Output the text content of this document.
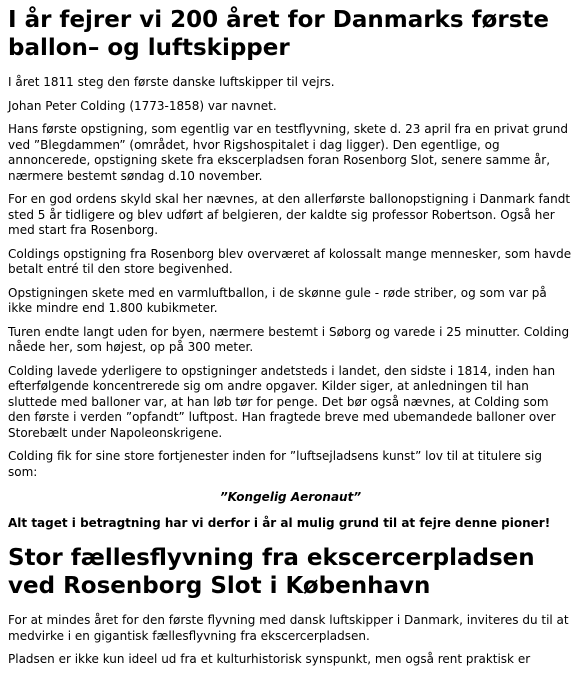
I år fejrer vi 200 året for Danmarks første ballon– og luftskipper

I året 1811 steg den første danske luftskipper til vejrs.

Johan Peter Colding (1773-1858) var navnet.

Hans første opstigning, som egentlig var en testflyvning, skete d. 23 april fra en privat grund ved ”Blegdammen” (området, hvor Rigshospitalet i dag ligger). Den egentlige, og annoncerede, opstigning skete fra ekscerpladsen foran Rosenborg Slot, senere samme år, nærmere bestemt søndag d.10 november.

For en god ordens skyld skal her nævnes, at den allerførste ballonopstigning i Danmark fandt sted 5 år tidligere og blev udført af belgieren, der kaldte sig professor Robertson. Også her med start fra Rosenborg.

Coldings opstigning fra Rosenborg blev overværet af kolossalt mange mennesker, som havde betalt entré til den store begivenhed.

Opstigningen skete med en varmluftballon, i de skønne gule - røde striber, og som var på ikke mindre end 1.800 kubikmeter.

Turen endte langt uden for byen, nærmere bestemt i Søborg og varede i 25 minutter. Colding nåede her, som højest, op på 300 meter.

Colding lavede yderligere to opstigninger andetsteds i landet, den sidste i 1814, inden han efterfølgende koncentrerede sig om andre opgaver. Kilder siger, at anledningen til han sluttede med balloner var, at han løb tør for penge. Det bør også nævnes, at Colding som den første i verden ”opfandt” luftpost. Han fragtede breve med ubemandede balloner over Storebælt under Napoleonskrigene.

Colding fik for sine store fortjenester inden for ”luftsejladsens kunst” lov til at titulere sig som:

”Kongelig Aeronaut”

Alt taget i betragtning har vi derfor i år al mulig grund til at fejre denne pioner!

Stor fællesflyvning fra ekscercerpladsen ved Rosenborg Slot i København

For at mindes året for den første flyvning med dansk luftskipper i Danmark, inviteres du til at medvirke i en gigantisk fællesflyvning fra ekscercerpladsen.

Pladsen er ikke kun ideel ud fra et kulturhistorisk synspunkt, men også rent praktisk er
